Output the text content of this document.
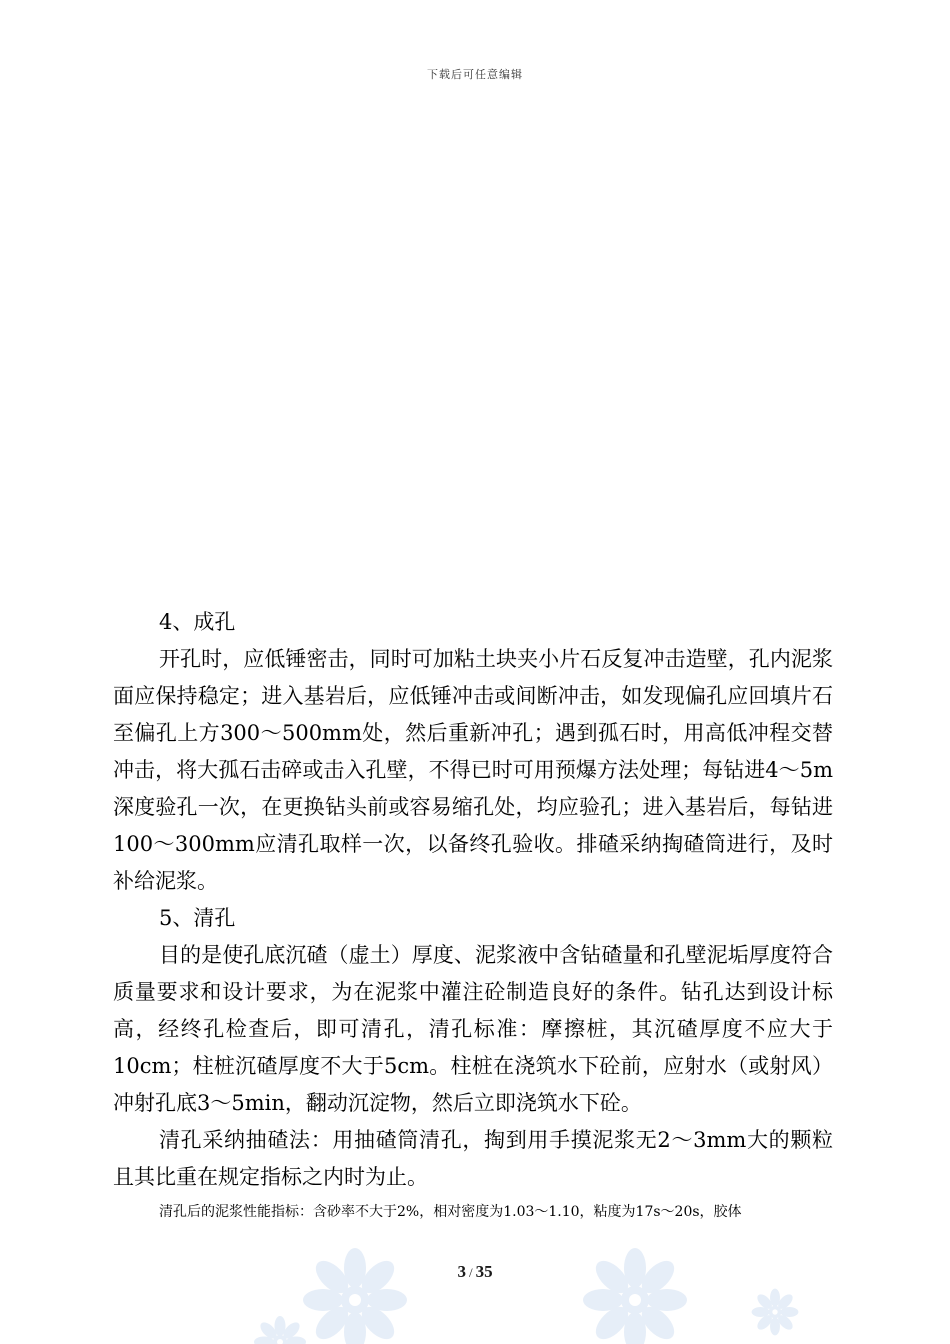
下载后可任意编辑

4、成孔

开孔时，应低锤密击，同时可加粘土块夹小片石反复冲击造壁，孔内泥浆面应保持稳定；进入基岩后，应低锤冲击或间断冲击，如发现偏孔应回填片石至偏孔上方300～500mm处，然后重新冲孔；遇到孤石时，用高低冲程交替冲击，将大孤石击碎或击入孔壁，不得已时可用预爆方法处理；每钻进4～5m深度验孔一次，在更换钻头前或容易缩孔处，均应验孔；进入基岩后，每钻进100～300mm应清孔取样一次，以备终孔验收。排碴采纳掏碴筒进行，及时补给泥浆。

5、清孔

目的是使孔底沉碴（虚土）厚度、泥浆液中含钻碴量和孔壁泥垢厚度符合质量要求和设计要求，为在泥浆中灌注砼制造良好的条件。钻孔达到设计标高，经终孔检查后，即可清孔，清孔标准：摩擦桩，其沉碴厚度不应大于10cm；柱桩沉碴厚度不大于5cm。柱桩在浇筑水下砼前，应射水（或射风）冲射孔底3～5min，翻动沉淀物，然后立即浇筑水下砼。

清孔采纳抽碴法：用抽碴筒清孔，掏到用手摸泥浆无2～3mm大的颗粒且其比重在规定指标之内时为止。

清孔后的泥浆性能指标：含砂率不大于2%，相对密度为1.03～1.10，粘度为17s～20s，胶体

3 / 35
